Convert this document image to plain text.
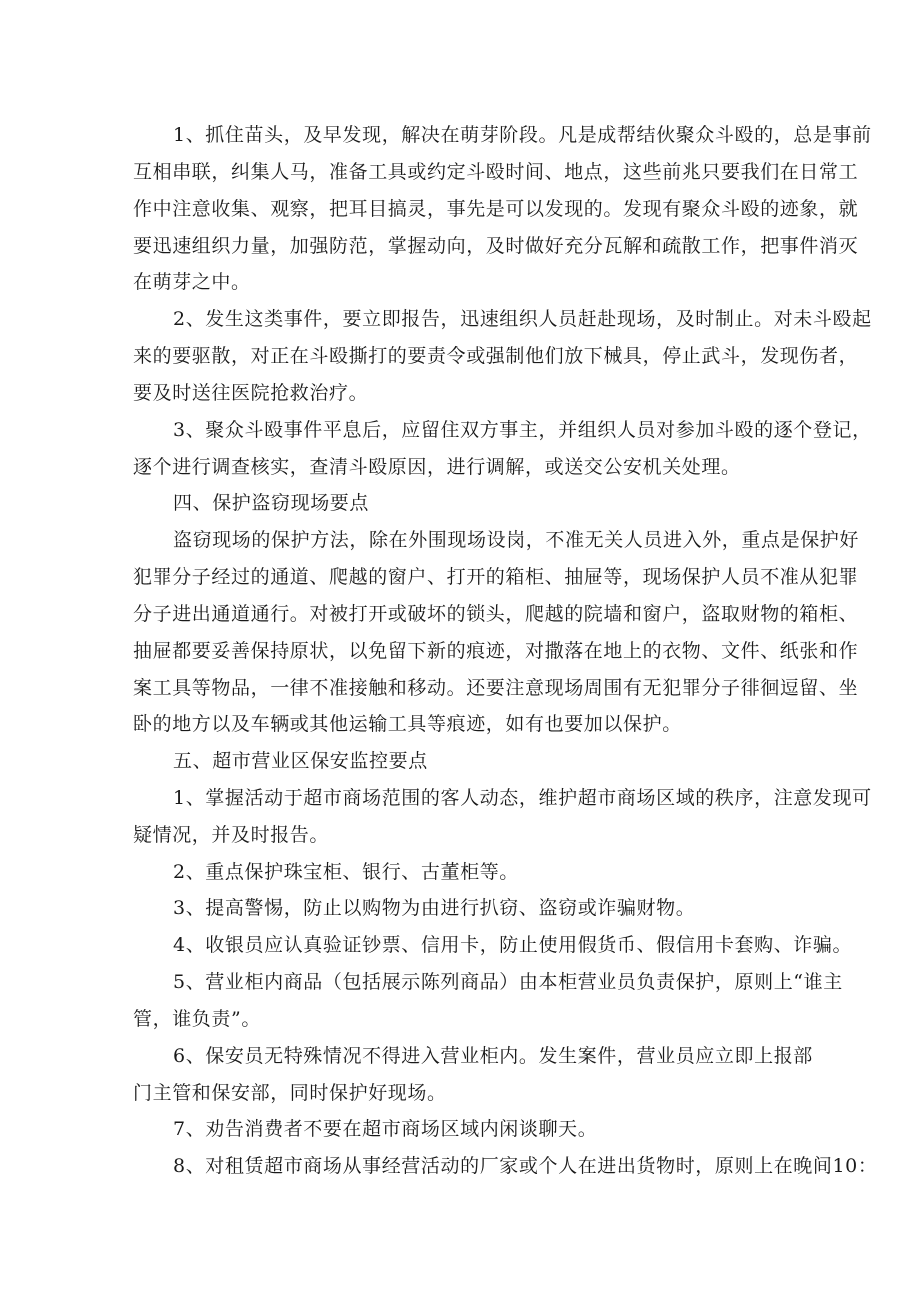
1、抓住苗头，及早发现，解决在萌芽阶段。凡是成帮结伙聚众斗殴的，总是事前
互相串联，纠集人马，准备工具或约定斗殴时间、地点，这些前兆只要我们在日常工
作中注意收集、观察，把耳目搞灵，事先是可以发现的。发现有聚众斗殴的迹象，就
要迅速组织力量，加强防范，掌握动向，及时做好充分瓦解和疏散工作，把事件消灭
在萌芽之中。
2、发生这类事件，要立即报告，迅速组织人员赶赴现场，及时制止。对未斗殴起
来的要驱散，对正在斗殴撕打的要责令或强制他们放下械具，停止武斗，发现伤者，
要及时送往医院抢救治疗。
3、聚众斗殴事件平息后，应留住双方事主，并组织人员对参加斗殴的逐个登记，
逐个进行调查核实，查清斗殴原因，进行调解，或送交公安机关处理。
四、保护盗窃现场要点
盗窃现场的保护方法，除在外围现场设岗，不准无关人员进入外，重点是保护好
犯罪分子经过的通道、爬越的窗户、打开的箱柜、抽屉等，现场保护人员不准从犯罪
分子进出通道通行。对被打开或破坏的锁头，爬越的院墙和窗户，盗取财物的箱柜、
抽屉都要妥善保持原状，以免留下新的痕迹，对撒落在地上的衣物、文件、纸张和作
案工具等物品，一律不准接触和移动。还要注意现场周围有无犯罪分子徘徊逗留、坐
卧的地方以及车辆或其他运输工具等痕迹，如有也要加以保护。
五、超市营业区保安监控要点
1、掌握活动于超市商场范围的客人动态，维护超市商场区域的秩序，注意发现可
疑情况，并及时报告。
2、重点保护珠宝柜、银行、古董柜等。
3、提高警惕，防止以购物为由进行扒窃、盗窃或诈骗财物。
4、收银员应认真验证钞票、信用卡，防止使用假货币、假信用卡套购、诈骗。
5、营业柜内商品（包括展示陈列商品）由本柜营业员负责保护，原则上“谁主
管，谁负责”。
6、保安员无特殊情况不得进入营业柜内。发生案件，营业员应立即上报部
门主管和保安部，同时保护好现场。
7、劝告消费者不要在超市商场区域内闲谈聊天。
8、对租赁超市商场从事经营活动的厂家或个人在进出货物时，原则上在晚间10：
